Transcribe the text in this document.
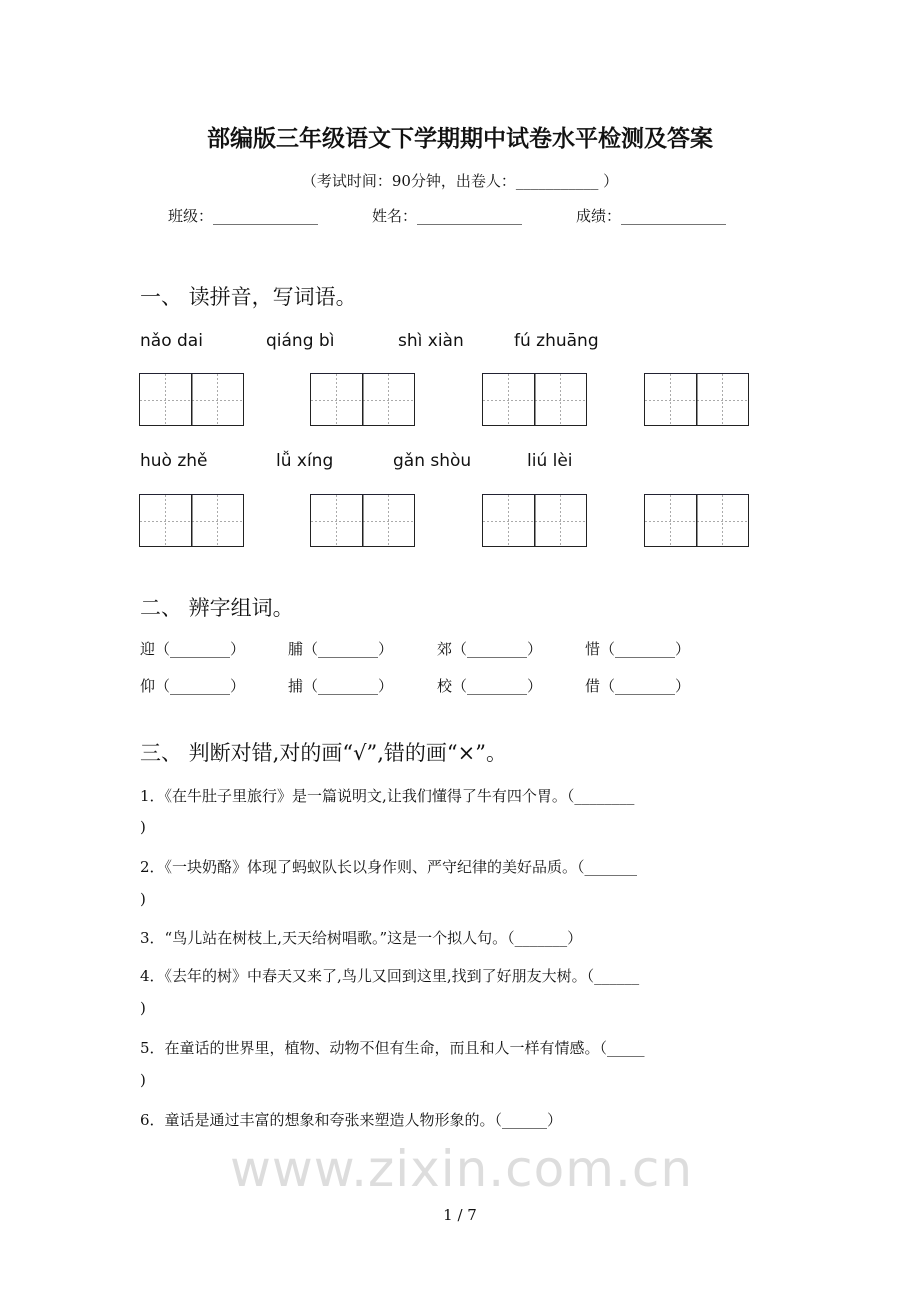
www.zixin.com.cn
部编版三年级语文下学期期中试卷水平检测及答案
（考试时间：90分钟，出卷人：___________ ）
班级：______________	姓名：______________	成绩：______________
一、 读拼音，写词语。
nǎo dai	qiáng bì	shì xiàn	fú zhuāng
huò zhě	lǚ xíng	gǎn shòu	liú lèi
二、 辨字组词。
迎（________）	脯（________）	郊（________）	惜（________）
仰（________）	捕（________）	校（________）	借（________）
三、 判断对错,对的画“√”,错的画“×”。
1．《在牛肚子里旅行》是一篇说明文,让我们懂得了牛有四个胃。（________
)
2．《一块奶酪》体现了蚂蚁队长以身作则、严守纪律的美好品质。（_______
)
3．“鸟儿站在树枝上,天天给树唱歌。”这是一个拟人句。（_______）
4．《去年的树》中春天又来了,鸟儿又回到这里,找到了好朋友大树。（______
)
5．在童话的世界里，植物、动物不但有生命，而且和人一样有情感。（_____
)
6．童话是通过丰富的想象和夸张来塑造人物形象的。（______）
1 / 7
